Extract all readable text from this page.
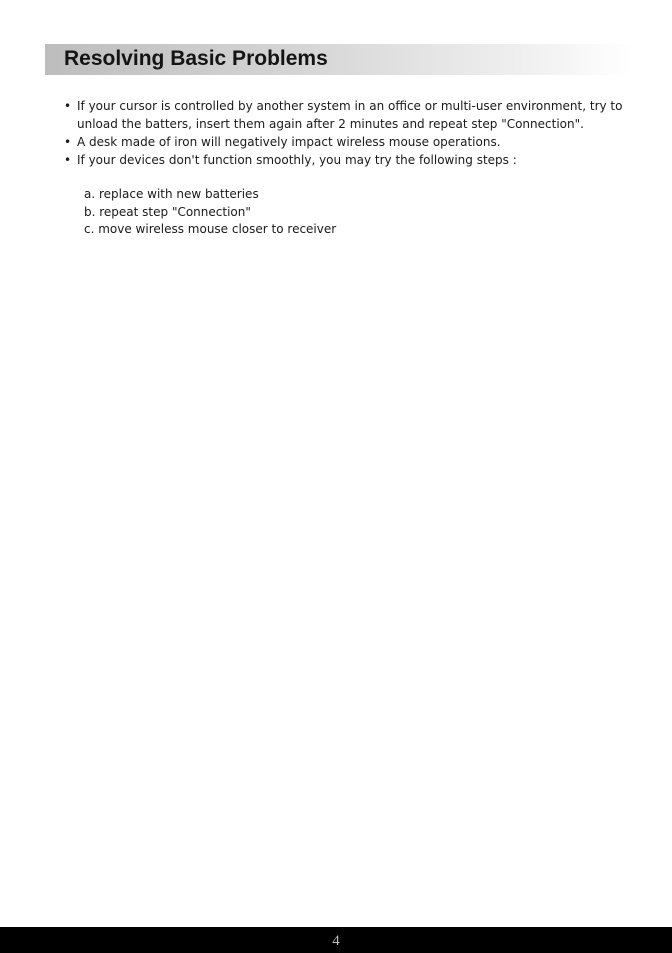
Resolving Basic Problems
• If your cursor is controlled by another system in an office or multi-user environment, try to unload the batters, insert them again after 2 minutes and repeat step "Connection".
• A desk made of iron will negatively impact wireless mouse operations.
• If your devices don't function smoothly, you may try the following steps :
a. replace with new batteries
b. repeat step "Connection"
c. move wireless mouse closer to receiver
4
